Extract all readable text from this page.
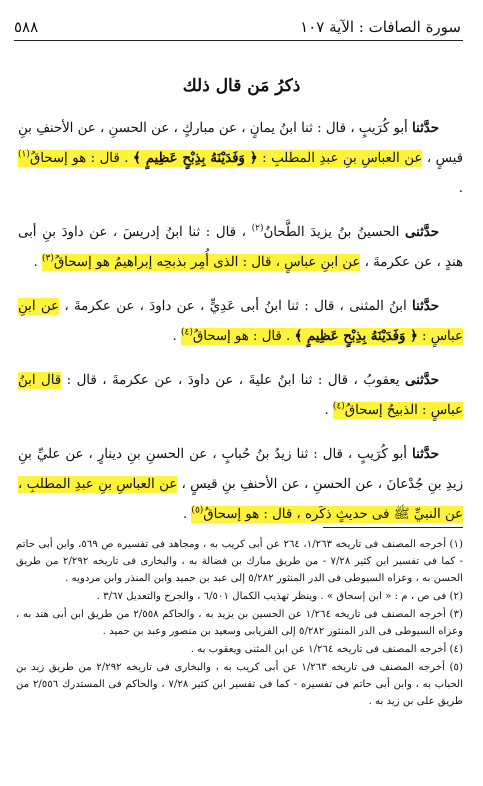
سورة الصافات : الآية ١٠٧
٥٨٨
ذكرُ مَن قال ذلك

حدَّثنا أبو كُرَيبٍ ، قال : ثنا ابنُ يمانٍ ، عن مباركٍ ، عن الحسنِ ، عن الأحنفِ بنِ قيسٍ ، عن العباسِ بنِ عبدِ المطلبِ : ﴿ وَفَدَيْنَهُ بِذِبْحٍ عَظِيمٍ ﴾ . قال : هو إسحاقُ$^{(١)}$ .

حدَّثنى الحسينُ بنُ يزيدَ الطَّحانُ$^{(٢)}$ ، قال : ثنا ابنُ إدريسَ ، عن داودَ بنِ أبى هندٍ ، عن عكرمةَ ، عن ابنِ عباسٍ ، قال : الذى أُمِر بذبحِه إبراهيمُ هو إسحاقُ$^{(٣)}$ .

حدَّثنا ابنُ المثنى ، قال : ثنا ابنُ أبى عَدِيٍّ ، عن داودَ ، عن عكرمةَ ، عن ابنِ عباسٍ : ﴿ وَفَدَيْنَهُ بِذِبْحٍ عَظِيمٍ ﴾ . قال : هو إسحاقُ$^{(٤)}$ .

حدَّثنى يعقوبُ ، قال : ثنا ابنُ عليةَ ، عن داودَ ، عن عكرمةَ ، قال : قال ابنُ عباسٍ : الذبيحُ إسحاقُ$^{(٤)}$ .

حدَّثنا أبو كُرَيبٍ ، قال : ثنا زيدُ بنُ حُبابٍ ، عن الحسنِ بنِ دينارٍ ، عن عليِّ بنِ زيدِ بنِ جُدْعانَ ، عن الحسنِ ، عن الأحنفِ بنِ قيسٍ ، عن العباسِ بنِ عبدِ المطلبِ ، عن النبيِّ ﷺ فى حديثٍ ذكَره ، قال : هو إسحاقُ$^{(٥)}$ .

(١) أخرجه المصنف فى تاريخه ١/٢٦٣، ٢٦٤ عن أبى كريب به ، ومجاهد فى تفسيره ص ٥٦٩، وابن أبى حاتم - كما فى تفسير ابن كثير ٧/٢٨ - من طريق مبارك بن فضالة به ، والبخارى فى تاريخه ٢/٢٩٢ من طريق الحسن به ، وعزاه السيوطى فى الدر المنثور ٥/٢٨٢ إلى عبد بن حميد وابن المنذر وابن مردويه .

(٢) فى ص ، م : « ابن إسحاق » . وينظر تهذيب الكمال ٦/٥٠١ ، والجرح والتعديل ٣/٦٧ .

(٣) أخرجه المصنف فى تاريخه ١/٢٦٤ عن الحسين بن يزيد به ، والحاكم ٢/٥٥٨ من طريق ابن أبى هند به ، وعزاه السيوطى فى الدر المنثور ٥/٢٨٢ إلى الفريابى وسعيد بن منصور وعبد بن حميد .

(٤) أخرجه المصنف فى تاريخه ١/٢٦٤ عن ابن المثنى ويعقوب به .

(٥) أخرجه المصنف فى تاريخه ١/٢٦٣ عن أبى كريب به ، والبخارى فى تاريخه ٢/٢٩٢ من طريق زيد بن الحباب به ، وابن أبى حاتم فى تفسيره - كما فى تفسير ابن كثير ٧/٢٨ ، والحاكم فى المستدرك ٢/٥٥٦ من طريق على بن زيد به .
